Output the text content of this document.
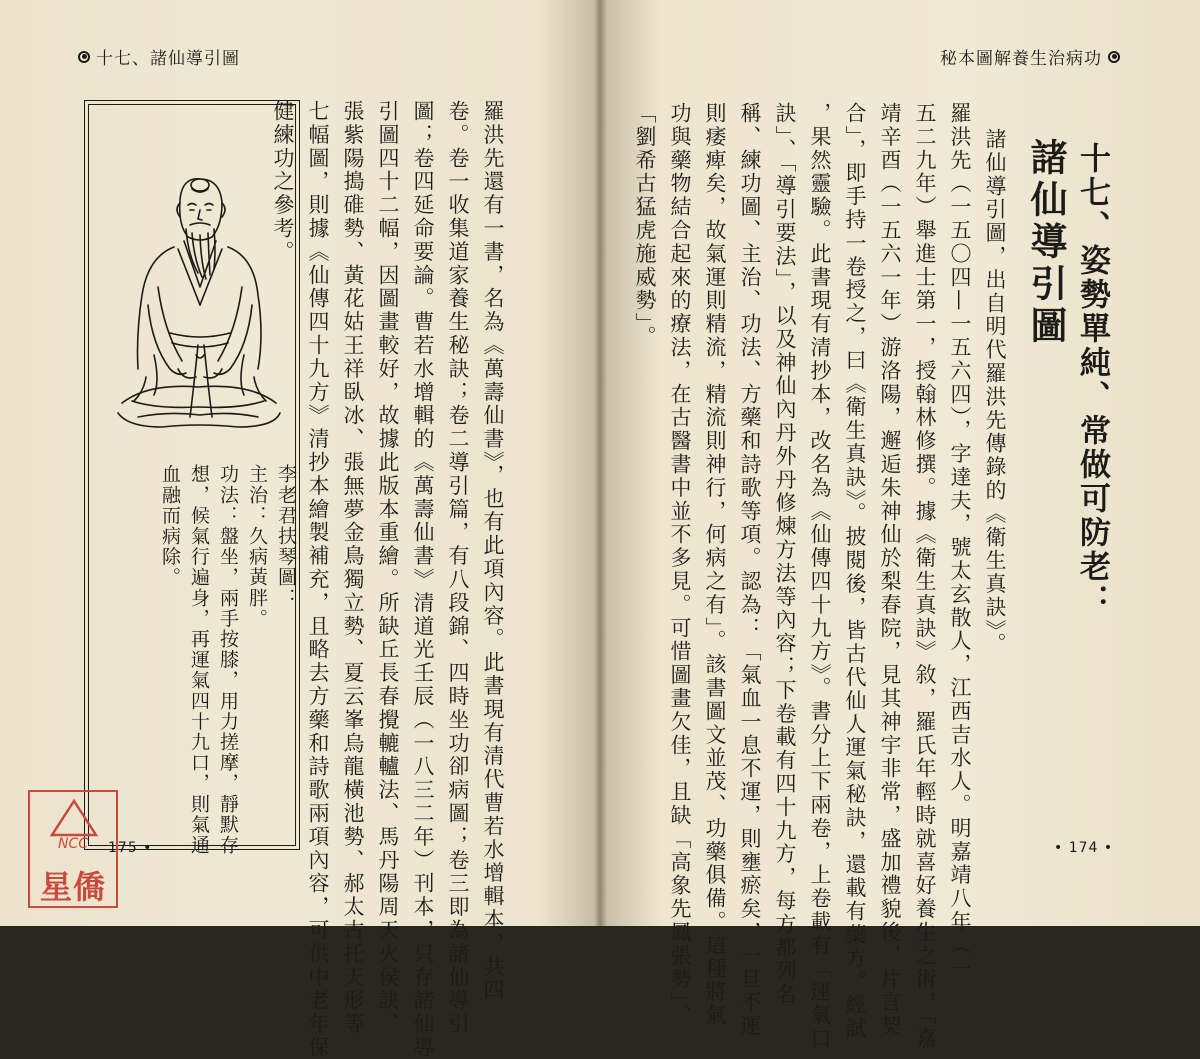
十七、諸仙導引圖
李老君扶琴圖：
主治：久病黃胖。
功法：盤坐，兩手按膝，用力搓摩，靜默存
想，候氣行遍身，再運氣四十九口，則氣通
血融而病除。	羅洪先還有一書，名為《萬壽仙書》，也有此項內容。此書現有清代曹若水增輯本，共四
卷。卷一收集道家養生秘訣；卷二導引篇，有八段錦、四時坐功卻病圖；卷三即為諸仙導引
圖；卷四延命要論。曹若水增輯的《萬壽仙書》清道光壬辰（一八三二年）刊本，只存諸仙導
引圖四十二幅，因圖畫較好，故據此版本重繪。所缺丘長春攪轆轤法、馬丹陽周天火侯訣、
張紫陽搗碓勢、黃花姑王祥臥冰、張無夢金鳥獨立勢、夏云峯烏龍橫池勢、郝太古托天形等
七幅圖，則據《仙傳四十九方》清抄本繪製補充，且略去方藥和詩歌兩項內容，可供中老年保
健練功之參考。
175 •
NCC
星僑
秘本圖解養生治病功
十七、姿勢單純、常做可防老：
諸仙導引圖
諸仙導引圖，出自明代羅洪先傳錄的《衛生真訣》。
羅洪先（一五〇四—一五六四），字達夫，號太玄散人，江西吉水人。明嘉靖八年（一
五二九年）舉進士第一，授翰林修撰。據《衛生真訣》敘，羅氏年輕時就喜好養生之術，「嘉
靖辛酉（一五六一年）游洛陽，邂逅朱神仙於梨春院，見其神宇非常，盛加禮貌後，片言契
合」，即手持一卷授之，曰《衛生真訣》。披閱後，皆古代仙人運氣秘訣，還載有藥方。經試
，果然靈驗。此書現有清抄本，改名為《仙傳四十九方》。書分上下兩卷，上卷載有「運氣口
訣」、「導引要法」，以及神仙內丹外丹修煉方法等內容；下卷載有四十九方，每方都列名
稱、練功圖、主治、功法、方藥和詩歌等項。認為：「氣血一息不運，則壅瘀矣，一旦不運
則痿痺矣，故氣運則精流，精流則神行，何病之有」。該書圖文並茂、功藥俱備。這種將氣
功與藥物結合起來的療法，在古醫書中並不多見。可惜圖畫欠佳，且缺「高象先鳳張勢」、
「劉希古猛虎施威勢」。
• 174 •
